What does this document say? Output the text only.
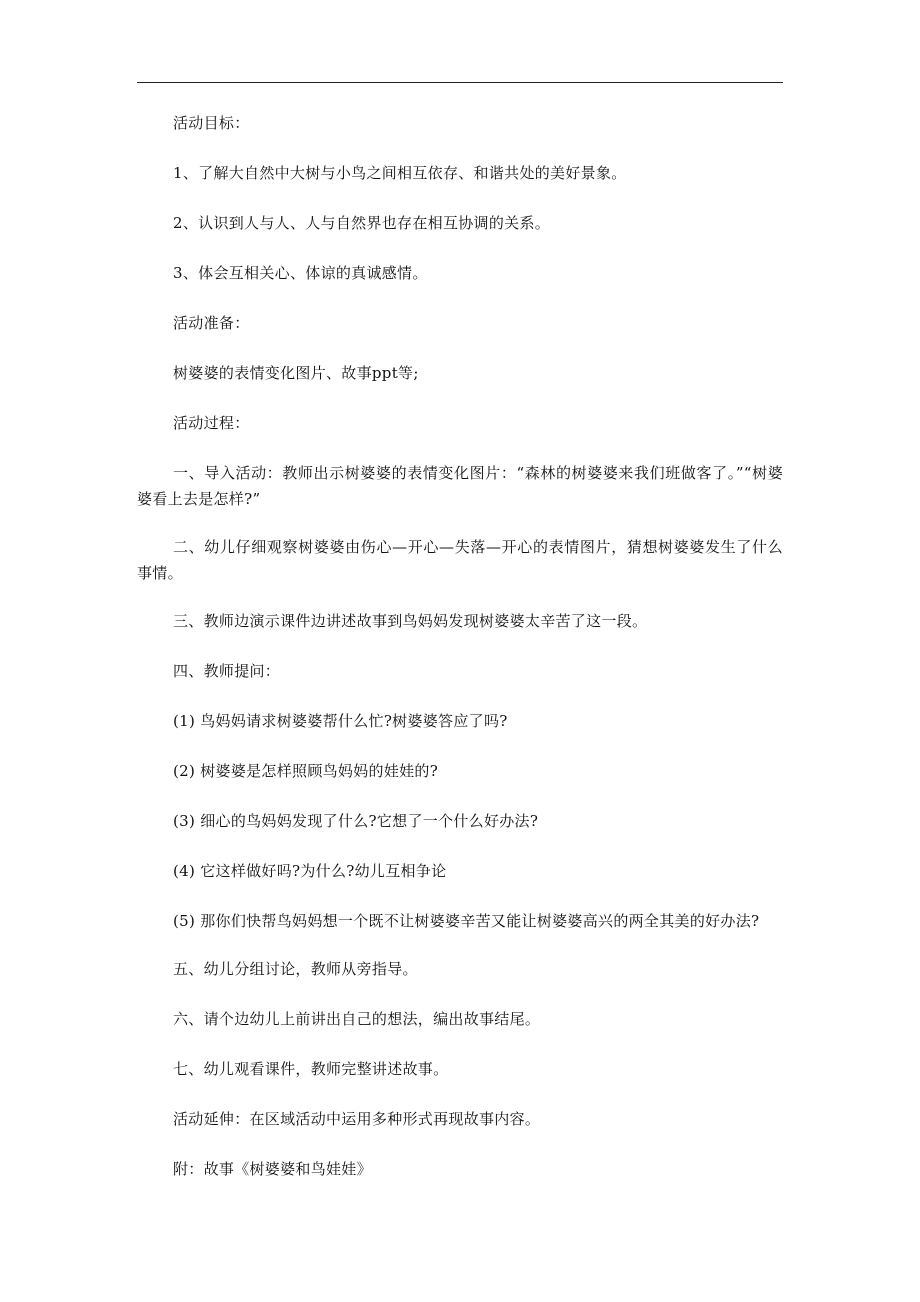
活动目标：

1、了解大自然中大树与小鸟之间相互依存、和谐共处的美好景象。

2、认识到人与人、人与自然界也存在相互协调的关系。

3、体会互相关心、体谅的真诚感情。

活动准备：

树婆婆的表情变化图片、故事ppt等;

活动过程：

一、导入活动：教师出示树婆婆的表情变化图片：“森林的树婆婆来我们班做客了。”“树婆婆看上去是怎样?”

二、幼儿仔细观察树婆婆由伤心—开心—失落—开心的表情图片，猜想树婆婆发生了什么事情。

三、教师边演示课件边讲述故事到鸟妈妈发现树婆婆太辛苦了这一段。

四、教师提问：

(1) 鸟妈妈请求树婆婆帮什么忙?树婆婆答应了吗?

(2) 树婆婆是怎样照顾鸟妈妈的娃娃的?

(3) 细心的鸟妈妈发现了什么?它想了一个什么好办法?

(4) 它这样做好吗?为什么?幼儿互相争论

(5) 那你们快帮鸟妈妈想一个既不让树婆婆辛苦又能让树婆婆高兴的两全其美的好办法?

五、幼儿分组讨论，教师从旁指导。

六、请个边幼儿上前讲出自己的想法，编出故事结尾。

七、幼儿观看课件，教师完整讲述故事。

活动延伸：在区域活动中运用多种形式再现故事内容。

附：故事《树婆婆和鸟娃娃》
